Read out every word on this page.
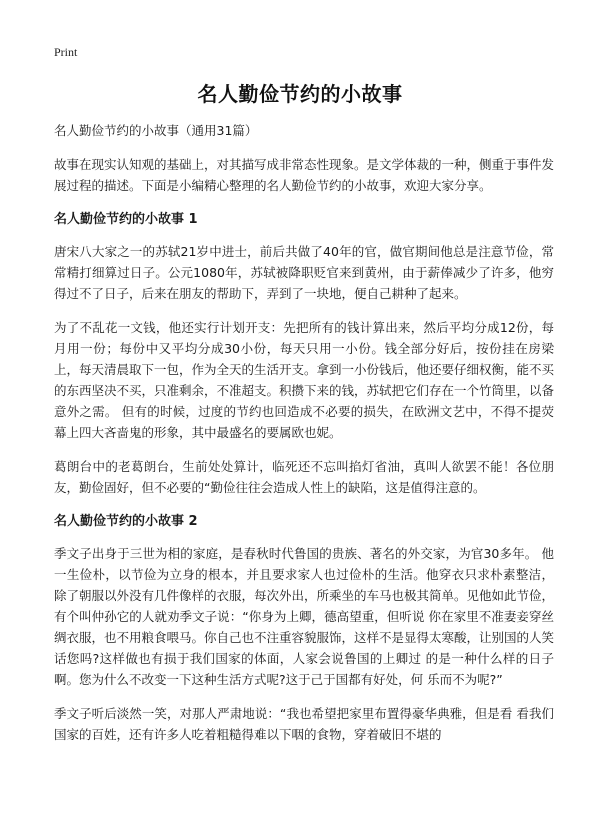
Print
名人勤俭节约的小故事

名人勤俭节约的小故事（通用31篇）

故事在现实认知观的基础上，对其描写成非常态性现象。是文学体裁的一种，侧重于事件发展过程的描述。下面是小编精心整理的名人勤俭节约的小故事，欢迎大家分享。

名人勤俭节约的小故事 1

唐宋八大家之一的苏轼21岁中进士，前后共做了40年的官，做官期间他总是注意节俭，常常精打细算过日子。公元1080年，苏轼被降职贬官来到黄州，由于薪俸减少了许多，他穷得过不了日子，后来在朋友的帮助下，弄到了一块地，便自己耕种了起来。

为了不乱花一文钱，他还实行计划开支：先把所有的钱计算出来，然后平均分成12份，每月用一份；每份中又平均分成30小份，每天只用一小份。钱全部分好后，按份挂在房梁上，每天清晨取下一包，作为全天的生活开支。拿到一小份钱后，他还要仔细权衡，能不买的东西坚决不买，只准剩余，不准超支。积攒下来的钱，苏轼把它们存在一个竹筒里，以备意外之需。 但有的时候，过度的节约也回造成不必要的损失，在欧洲文艺中，不得不提荧幕上四大吝啬鬼的形象，其中最盛名的要属欧也妮。

葛朗台中的老葛朗台，生前处处算计，临死还不忘叫掐灯省油，真叫人欲罢不能！各位朋友，勤俭固好，但不必要的“勤俭往往会造成人性上的缺陷，这是值得注意的。

名人勤俭节约的小故事 2

季文子出身于三世为相的家庭，是春秋时代鲁国的贵族、著名的外交家，为官30多年。 他一生俭朴，以节俭为立身的根本，并且要求家人也过俭朴的生活。他穿衣只求朴素整洁， 除了朝服以外没有几件像样的衣服，每次外出，所乘坐的车马也极其简单。见他如此节俭，有个叫仲孙它的人就劝季文子说：“你身为上卿，德高望重，但听说 你在家里不准妻妾穿丝绸衣服，也不用粮食喂马。你自己也不注重容貌服饰，这样不是显得太寒酸，让别国的人笑话您吗?这样做也有损于我们国家的体面，人家会说鲁国的上卿过 的是一种什么样的日子啊。您为什么不改变一下这种生活方式呢?这于己于国都有好处，何 乐而不为呢?”

季文子听后淡然一笑，对那人严肃地说：“我也希望把家里布置得豪华典雅，但是看 看我们国家的百姓，还有许多人吃着粗糙得难以下咽的食物，穿着破旧不堪的
